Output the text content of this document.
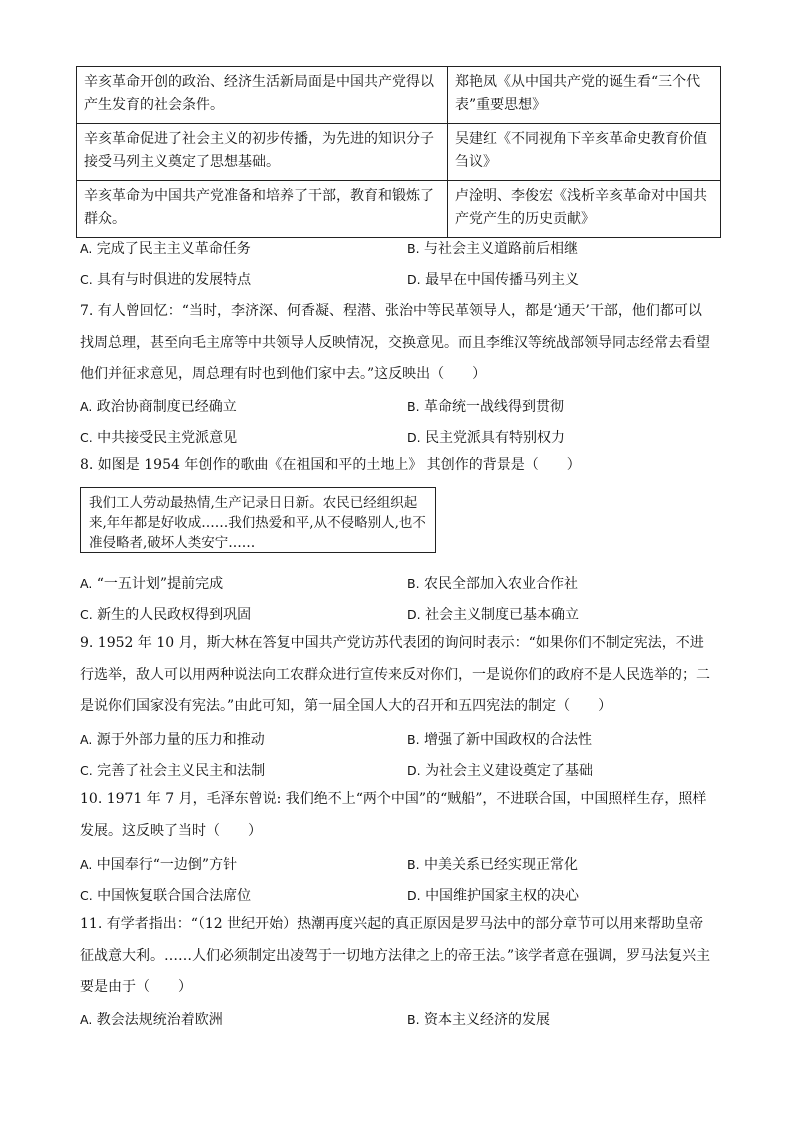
辛亥革命开创的政治、经济生活新局面是中国共产党得以产生发育的社会条件。	郑艳凤《从中国共产党的诞生看“三个代表”重要思想》
辛亥革命促进了社会主义的初步传播，为先进的知识分子接受马列主义奠定了思想基础。	吴建红《不同视角下辛亥革命史教育价值刍议》
辛亥革命为中国共产党准备和培养了干部，教育和锻炼了群众。	卢淦明、李俊宏《浅析辛亥革命对中国共产党产生的历史贡献》
A. 完成了民主主义革命任务	B. 与社会主义道路前后相继
C. 具有与时俱进的发展特点	D. 最早在中国传播马列主义
7. 有人曾回忆：“当时，李济深、何香凝、程潜、张治中等民革领导人，都是‘通天’干部，他们都可以找周总理，甚至向毛主席等中共领导人反映情况，交换意见。而且李维汉等统战部领导同志经常去看望他们并征求意见，周总理有时也到他们家中去。”这反映出（　　）
A. 政治协商制度已经确立	B. 革命统一战线得到贯彻
C. 中共接受民主党派意见	D. 民主党派具有特别权力
8. 如图是 1954 年创作的歌曲《在祖国和平的土地上》 其创作的背景是（　　）
我们工人劳动最热情,生产记录日日新。农民已经组织起来,年年都是好收成……我们热爱和平,从不侵略别人,也不准侵略者,破坏人类安宁……
A. “一五计划”提前完成	B. 农民全部加入农业合作社
C. 新生的人民政权得到巩固	D. 社会主义制度已基本确立
9. 1952 年 10 月，斯大林在答复中国共产党访苏代表团的询问时表示：“如果你们不制定宪法，不进行选举，敌人可以用两种说法向工农群众进行宣传来反对你们，一是说你们的政府不是人民选举的；二是说你们国家没有宪法。”由此可知，第一届全国人大的召开和五四宪法的制定（　　）
A. 源于外部力量的压力和推动	B. 增强了新中国政权的合法性
C. 完善了社会主义民主和法制	D. 为社会主义建设奠定了基础
10. 1971 年 7 月，毛泽东曾说: 我们绝不上“两个中国”的“贼船”，不进联合国，中国照样生存，照样发展。这反映了当时（　　）
A. 中国奉行“一边倒”方针	B. 中美关系已经实现正常化
C. 中国恢复联合国合法席位	D. 中国维护国家主权的决心
11. 有学者指出：“（12 世纪开始）热潮再度兴起的真正原因是罗马法中的部分章节可以用来帮助皇帝征战意大利。……人们必须制定出凌驾于一切地方法律之上的帝王法。”该学者意在强调，罗马法复兴主要是由于（　　）
A. 教会法规统治着欧洲	B. 资本主义经济的发展
